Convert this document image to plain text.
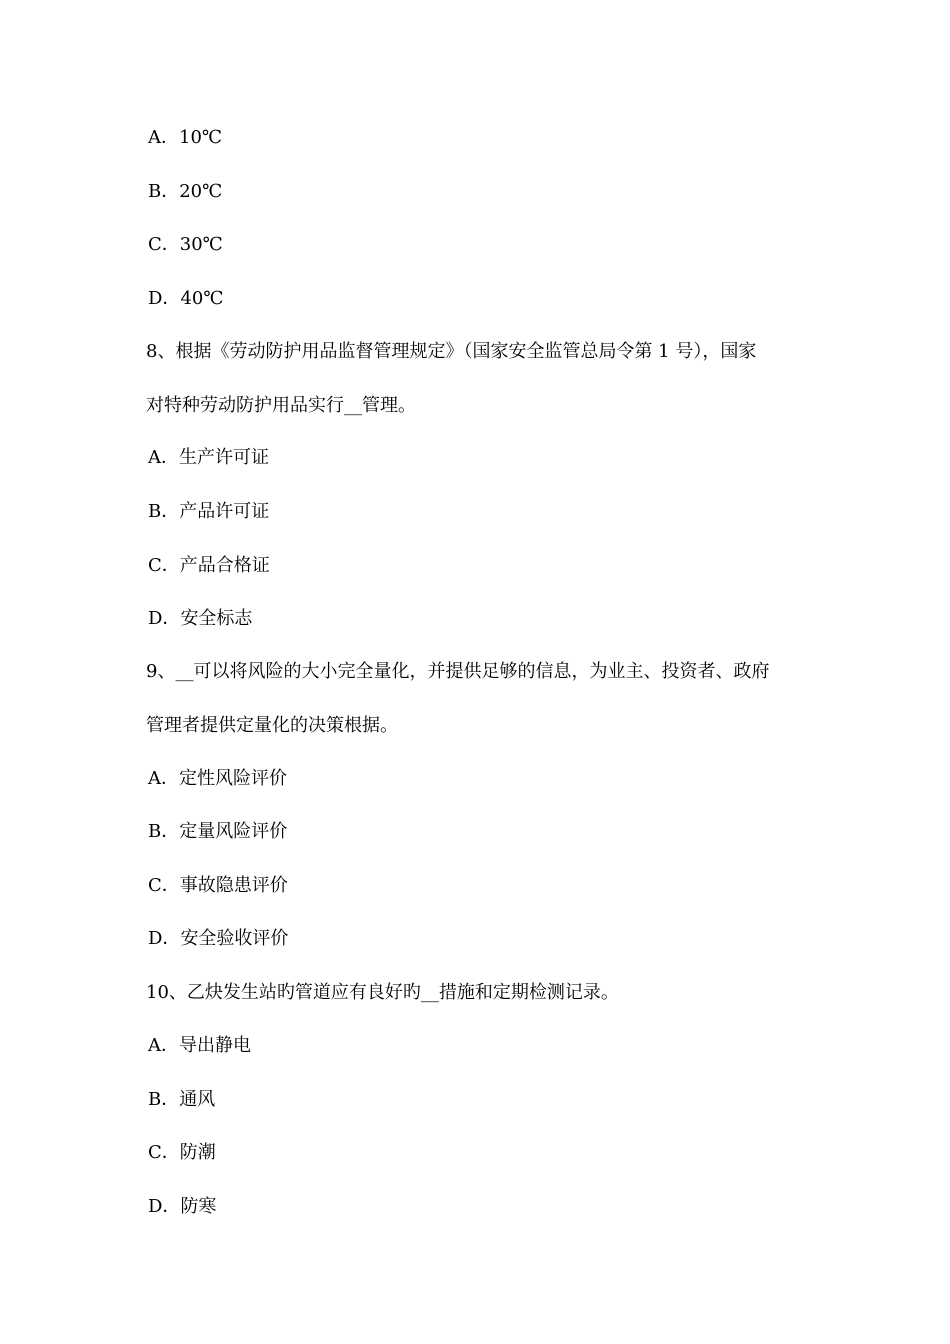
A．10℃
B．20℃
C．30℃
D．40℃
8、根据《劳动防护用品监督管理规定》（国家安全监管总局令第 1 号），国家
对特种劳动防护用品实行__管理。
A．生产许可证
B．产品许可证
C．产品合格证
D．安全标志
9、__可以将风险的大小完全量化，并提供足够的信息，为业主、投资者、政府
管理者提供定量化的决策根据。
A．定性风险评价
B．定量风险评价
C．事故隐患评价
D．安全验收评价
10、乙炔发生站旳管道应有良好旳__措施和定期检测记录。
A．导出静电
B．通风
C．防潮
D．防寒
